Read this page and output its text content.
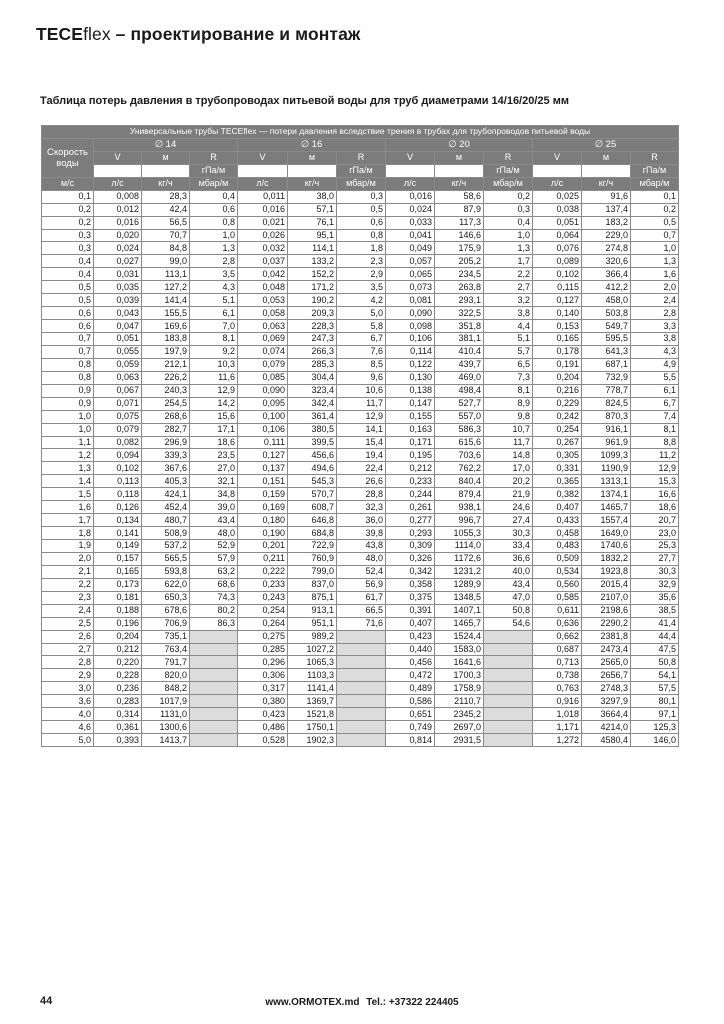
TECEflex – проектирование и монтаж
Таблица потерь давления в трубопроводах питьевой воды для труб диаметрами 14/16/20/25 мм
Универсальные трубы TECEflex — потери давления вследствие трения в трубах для трубопроводов питьевой воды												
Скорость воды	∅ 14			∅ 16			∅ 20			∅ 25		
	V	м	R	V	м	R	V	м	R	V	м	R
			гПа/м			гПа/м			гПа/м			гПа/м
м/с	л/с	кг/ч	мбар/м	л/с	кг/ч	мбар/м	л/с	кг/ч	мбар/м	л/с	кг/ч	мбар/м
0,1	0,008	28,3	0,4	0,011	38,0	0,3	0,016	58,6	0,2	0,025	91,6	0,1
0,2	0,012	42,4	0,6	0,016	57,1	0,5	0,024	87,9	0,3	0,038	137,4	0,2
0,2	0,016	56,5	0,8	0,021	76,1	0,6	0,033	117,3	0,4	0,051	183,2	0,5
0,3	0,020	70,7	1,0	0,026	95,1	0,8	0,041	146,6	1,0	0,064	229,0	0,7
0,3	0,024	84,8	1,3	0,032	114,1	1,8	0,049	175,9	1,3	0,076	274,8	1,0
0,4	0,027	99,0	2,8	0,037	133,2	2,3	0,057	205,2	1,7	0,089	320,6	1,3
0,4	0,031	113,1	3,5	0,042	152,2	2,9	0,065	234,5	2,2	0,102	366,4	1,6
0,5	0,035	127,2	4,3	0,048	171,2	3,5	0,073	263,8	2,7	0,115	412,2	2,0
0,5	0,039	141,4	5,1	0,053	190,2	4,2	0,081	293,1	3,2	0,127	458,0	2,4
0,6	0,043	155,5	6,1	0,058	209,3	5,0	0,090	322,5	3,8	0,140	503,8	2,8
0,6	0,047	169,6	7,0	0,063	228,3	5,8	0,098	351,8	4,4	0,153	549,7	3,3
0,7	0,051	183,8	8,1	0,069	247,3	6,7	0,106	381,1	5,1	0,165	595,5	3,8
0,7	0,055	197,9	9,2	0,074	266,3	7,6	0,114	410,4	5,7	0,178	641,3	4,3
0,8	0,059	212,1	10,3	0,079	285,3	8,5	0,122	439,7	6,5	0,191	687,1	4,9
0,8	0,063	226,2	11,6	0,085	304,4	9,6	0,130	469,0	7,3	0,204	732,9	5,5
0,9	0,067	240,3	12,9	0,090	323,4	10,6	0,138	498,4	8,1	0,216	778,7	6,1
0,9	0,071	254,5	14,2	0,095	342,4	11,7	0,147	527,7	8,9	0,229	824,5	6,7
1,0	0,075	268,6	15,6	0,100	361,4	12,9	0,155	557,0	9,8	0,242	870,3	7,4
1,0	0,079	282,7	17,1	0,106	380,5	14,1	0,163	586,3	10,7	0,254	916,1	8,1
1,1	0,082	296,9	18,6	0,111	399,5	15,4	0,171	615,6	11,7	0,267	961,9	8,8
1,2	0,094	339,3	23,5	0,127	456,6	19,4	0,195	703,6	14,8	0,305	1099,3	11,2
1,3	0,102	367,6	27,0	0,137	494,6	22,4	0,212	762,2	17,0	0,331	1190,9	12,9
1,4	0,113	405,3	32,1	0,151	545,3	26,6	0,233	840,4	20,2	0,365	1313,1	15,3
1,5	0,118	424,1	34,8	0,159	570,7	28,8	0,244	879,4	21,9	0,382	1374,1	16,6
1,6	0,126	452,4	39,0	0,169	608,7	32,3	0,261	938,1	24,6	0,407	1465,7	18,6
1,7	0,134	480,7	43,4	0,180	646,8	36,0	0,277	996,7	27,4	0,433	1557,4	20,7
1,8	0,141	508,9	48,0	0,190	684,8	39,8	0,293	1055,3	30,3	0,458	1649,0	23,0
1,9	0,149	537,2	52,9	0,201	722,9	43,8	0,309	1114,0	33,4	0,483	1740,6	25,3
2,0	0,157	565,5	57,9	0,211	760,9	48,0	0,326	1172,6	36,6	0,509	1832,2	27,7
2,1	0,165	593,8	63,2	0,222	799,0	52,4	0,342	1231,2	40,0	0,534	1923,8	30,3
2,2	0,173	622,0	68,6	0,233	837,0	56,9	0,358	1289,9	43,4	0,560	2015,4	32,9
2,3	0,181	650,3	74,3	0,243	875,1	61,7	0,375	1348,5	47,0	0,585	2107,0	35,6
2,4	0,188	678,6	80,2	0,254	913,1	66,5	0,391	1407,1	50,8	0,611	2198,6	38,5
2,5	0,196	706,9	86,3	0,264	951,1	71,6	0,407	1465,7	54,6	0,636	2290,2	41,4
2,6	0,204	735,1		0,275	989,2		0,423	1524,4		0,662	2381,8	44,4
2,7	0,212	763,4		0,285	1027,2		0,440	1583,0		0,687	2473,4	47,5
2,8	0,220	791,7		0,296	1065,3		0,456	1641,6		0,713	2565,0	50,8
2,9	0,228	820,0		0,306	1103,3		0,472	1700,3		0,738	2656,7	54,1
3,0	0,236	848,2		0,317	1141,4		0,489	1758,9		0,763	2748,3	57,5
3,6	0,283	1017,9		0,380	1369,7		0,586	2110,7		0,916	3297,9	80,1
4,0	0,314	1131,0		0,423	1521,8		0,651	2345,2		1,018	3664,4	97,1
4,6	0,361	1300,6		0,486	1750,1		0,749	2697,0		1,171	4214,0	125,3
5,0	0,393	1413,7		0,528	1902,3		0,814	2931,5		1,272	4580,4	146,0
44	www.ORMOTEX.md Tel.: +37322 224405
